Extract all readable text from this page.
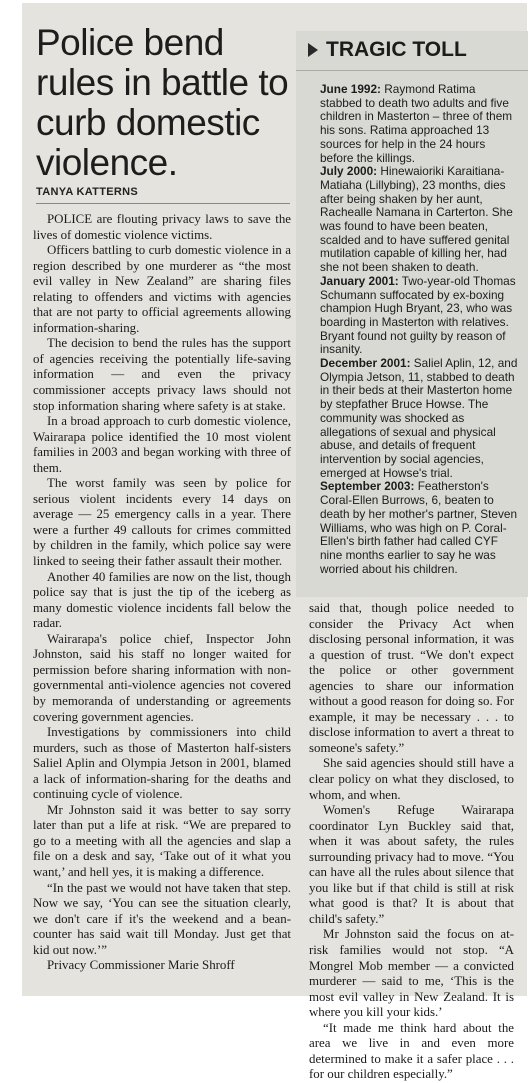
Police bend rules in battle to curb domestic violence.
TANYA KATTERNS

POLICE are flouting privacy laws to save the lives of domestic violence victims.

Officers battling to curb domestic violence in a region described by one murderer as “the most evil valley in New Zealand” are sharing files relating to offenders and victims with agencies that are not party to official agreements allowing information-sharing.

The decision to bend the rules has the support of agencies receiving the potentially life-saving information — and even the privacy commissioner accepts privacy laws should not stop information sharing where safety is at stake.

In a broad approach to curb domestic violence, Wairarapa police identified the 10 most violent families in 2003 and began working with three of them.

The worst family was seen by police for serious violent incidents every 14 days on average — 25 emergency calls in a year. There were a further 49 callouts for crimes committed by children in the family, which police say were linked to seeing their father assault their mother.

Another 40 families are now on the list, though police say that is just the tip of the iceberg as many domestic violence incidents fall below the radar.

Wairarapa's police chief, Inspector John Johnston, said his staff no longer waited for permission before sharing information with non-governmental anti-violence agencies not covered by memoranda of understanding or agreements covering government agencies.

Investigations by commissioners into child murders, such as those of Masterton half-sisters Saliel Aplin and Olympia Jetson in 2001, blamed a lack of information-sharing for the deaths and continuing cycle of violence.

Mr Johnston said it was better to say sorry later than put a life at risk. “We are prepared to go to a meeting with all the agencies and slap a file on a desk and say, ‘Take out of it what you want,’ and hell yes, it is making a difference.

“In the past we would not have taken that step. Now we say, ‘You can see the situation clearly, we don't care if it's the weekend and a bean-counter has said wait till Monday. Just get that kid out now.’”

Privacy Commissioner Marie Shroff

TRAGIC TOLL

June 1992: Raymond Ratima stabbed to death two adults and five children in Masterton – three of them his sons. Ratima approached 13 sources for help in the 24 hours before the killings.

July 2000: Hinewaioriki Karaitiana-Matiaha (Lillybing), 23 months, dies after being shaken by her aunt, Rachealle Namana in Carterton. She was found to have been beaten, scalded and to have suffered genital mutilation capable of killing her, had she not been shaken to death.

January 2001: Two-year-old Thomas Schumann suffocated by ex-boxing champion Hugh Bryant, 23, who was boarding in Masterton with relatives. Bryant found not guilty by reason of insanity.

December 2001: Saliel Aplin, 12, and Olympia Jetson, 11, stabbed to death in their beds at their Masterton home by stepfather Bruce Howse. The community was shocked as allegations of sexual and physical abuse, and details of frequent intervention by social agencies, emerged at Howse's trial.

September 2003: Featherston's Coral-Ellen Burrows, 6, beaten to death by her mother's partner, Steven Williams, who was high on P. Coral-Ellen's birth father had called CYF nine months earlier to say he was worried about his children.

said that, though police needed to consider the Privacy Act when disclosing personal information, it was a question of trust. “We don't expect the police or other government agencies to share our information without a good reason for doing so. For example, it may be necessary . . . to disclose information to avert a threat to someone's safety.”

She said agencies should still have a clear policy on what they disclosed, to whom, and when.

Women's Refuge Wairarapa coordinator Lyn Buckley said that, when it was about safety, the rules surrounding privacy had to move. “You can have all the rules about silence that you like but if that child is still at risk what good is that? It is about that child's safety.”

Mr Johnston said the focus on at-risk families would not stop. “A Mongrel Mob member — a convicted murderer — said to me, ‘This is the most evil valley in New Zealand. It is where you kill your kids.’

“It made me think hard about the area we live in and even more determined to make it a safer place . . . for our children especially.”
